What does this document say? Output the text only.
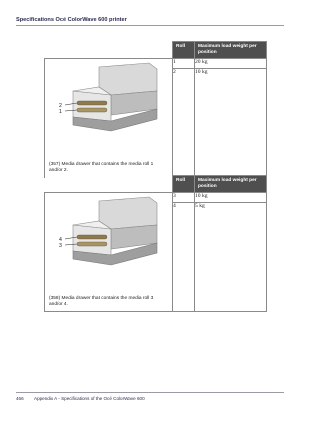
Specifications Océ ColorWave 600 printer
	Roll	Maximum load weight per position

2
1
(357) Media drawer that contains the media roll 1 and/or 2.	1	20 kg
	2	10 kg
	Roll	Maximum load weight per position

4
3
(358) Media drawer that contains the media roll 3 and/or 4.	3	10 kg
	4	5 kg
466 Appendix A - Specifications of the Océ ColorWave 600
